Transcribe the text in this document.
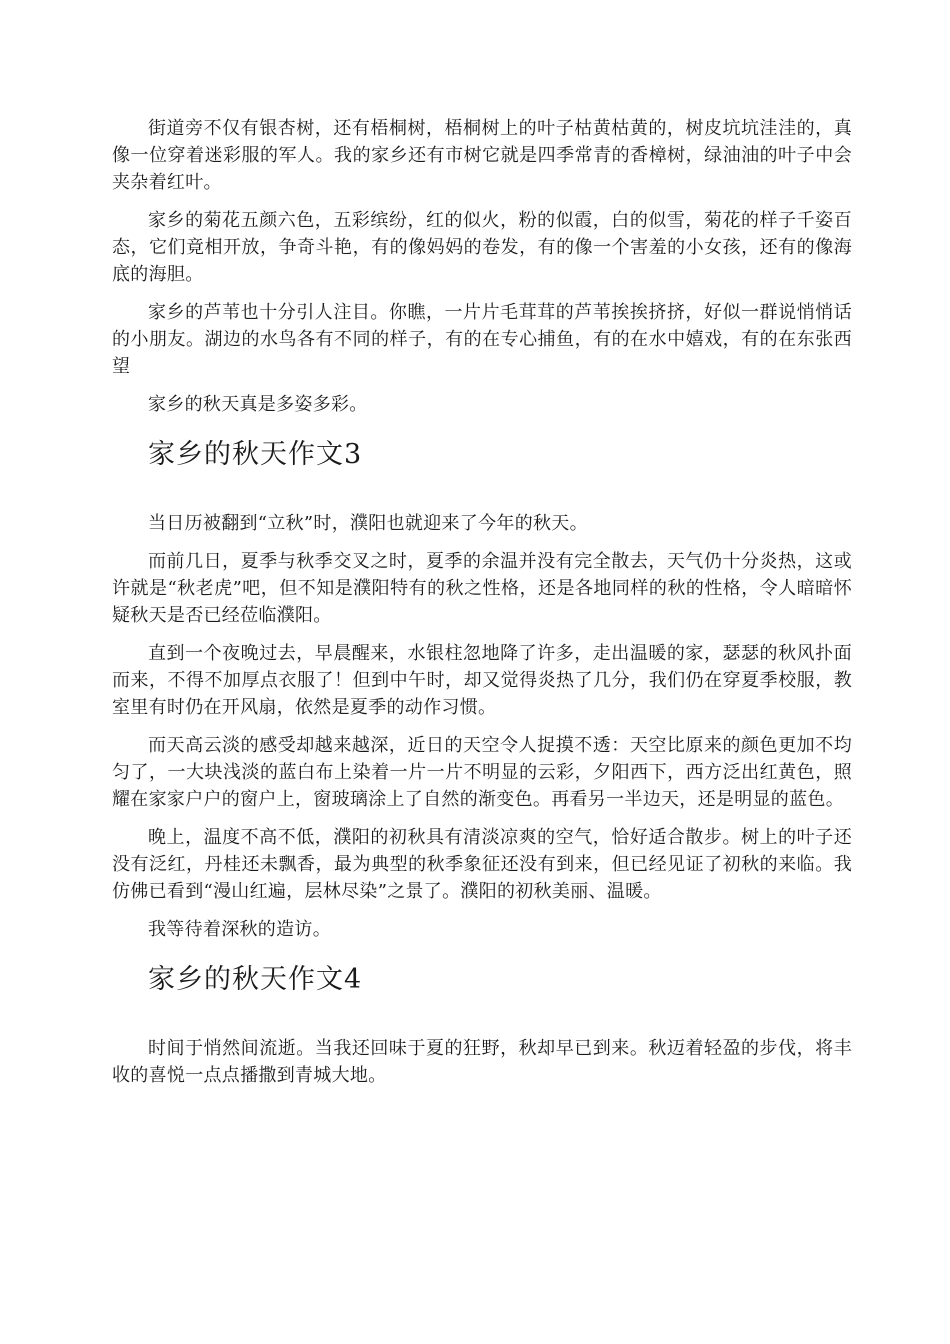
街道旁不仅有银杏树，还有梧桐树，梧桐树上的叶子枯黄枯黄的，树皮坑坑洼洼的，真像一位穿着迷彩服的军人。我的家乡还有市树它就是四季常青的香樟树，绿油油的叶子中会夹杂着红叶。

家乡的菊花五颜六色，五彩缤纷，红的似火，粉的似霞，白的似雪，菊花的样子千姿百态，它们竟相开放，争奇斗艳，有的像妈妈的卷发，有的像一个害羞的小女孩，还有的像海底的海胆。

家乡的芦苇也十分引人注目。你瞧，一片片毛茸茸的芦苇挨挨挤挤，好似一群说悄悄话的小朋友。湖边的水鸟各有不同的样子，有的在专心捕鱼，有的在水中嬉戏，有的在东张西望

家乡的秋天真是多姿多彩。

家乡的秋天作文3

当日历被翻到“立秋”时，濮阳也就迎来了今年的秋天。

而前几日，夏季与秋季交叉之时，夏季的余温并没有完全散去，天气仍十分炎热，这或许就是“秋老虎”吧，但不知是濮阳特有的秋之性格，还是各地同样的秋的性格，令人暗暗怀疑秋天是否已经莅临濮阳。

直到一个夜晚过去，早晨醒来，水银柱忽地降了许多，走出温暖的家，瑟瑟的秋风扑面而来，不得不加厚点衣服了！但到中午时，却又觉得炎热了几分，我们仍在穿夏季校服，教室里有时仍在开风扇，依然是夏季的动作习惯。

而天高云淡的感受却越来越深，近日的天空令人捉摸不透：天空比原来的颜色更加不均匀了，一大块浅淡的蓝白布上染着一片一片不明显的云彩，夕阳西下，西方泛出红黄色，照耀在家家户户的窗户上，窗玻璃涂上了自然的渐变色。再看另一半边天，还是明显的蓝色。

晚上，温度不高不低，濮阳的初秋具有清淡凉爽的空气，恰好适合散步。树上的叶子还没有泛红，丹桂还未飘香，最为典型的秋季象征还没有到来，但已经见证了初秋的来临。我仿佛已看到“漫山红遍，层林尽染”之景了。濮阳的初秋美丽、温暖。

我等待着深秋的造访。

家乡的秋天作文4

时间于悄然间流逝。当我还回味于夏的狂野，秋却早已到来。秋迈着轻盈的步伐，将丰收的喜悦一点点播撒到青城大地。
